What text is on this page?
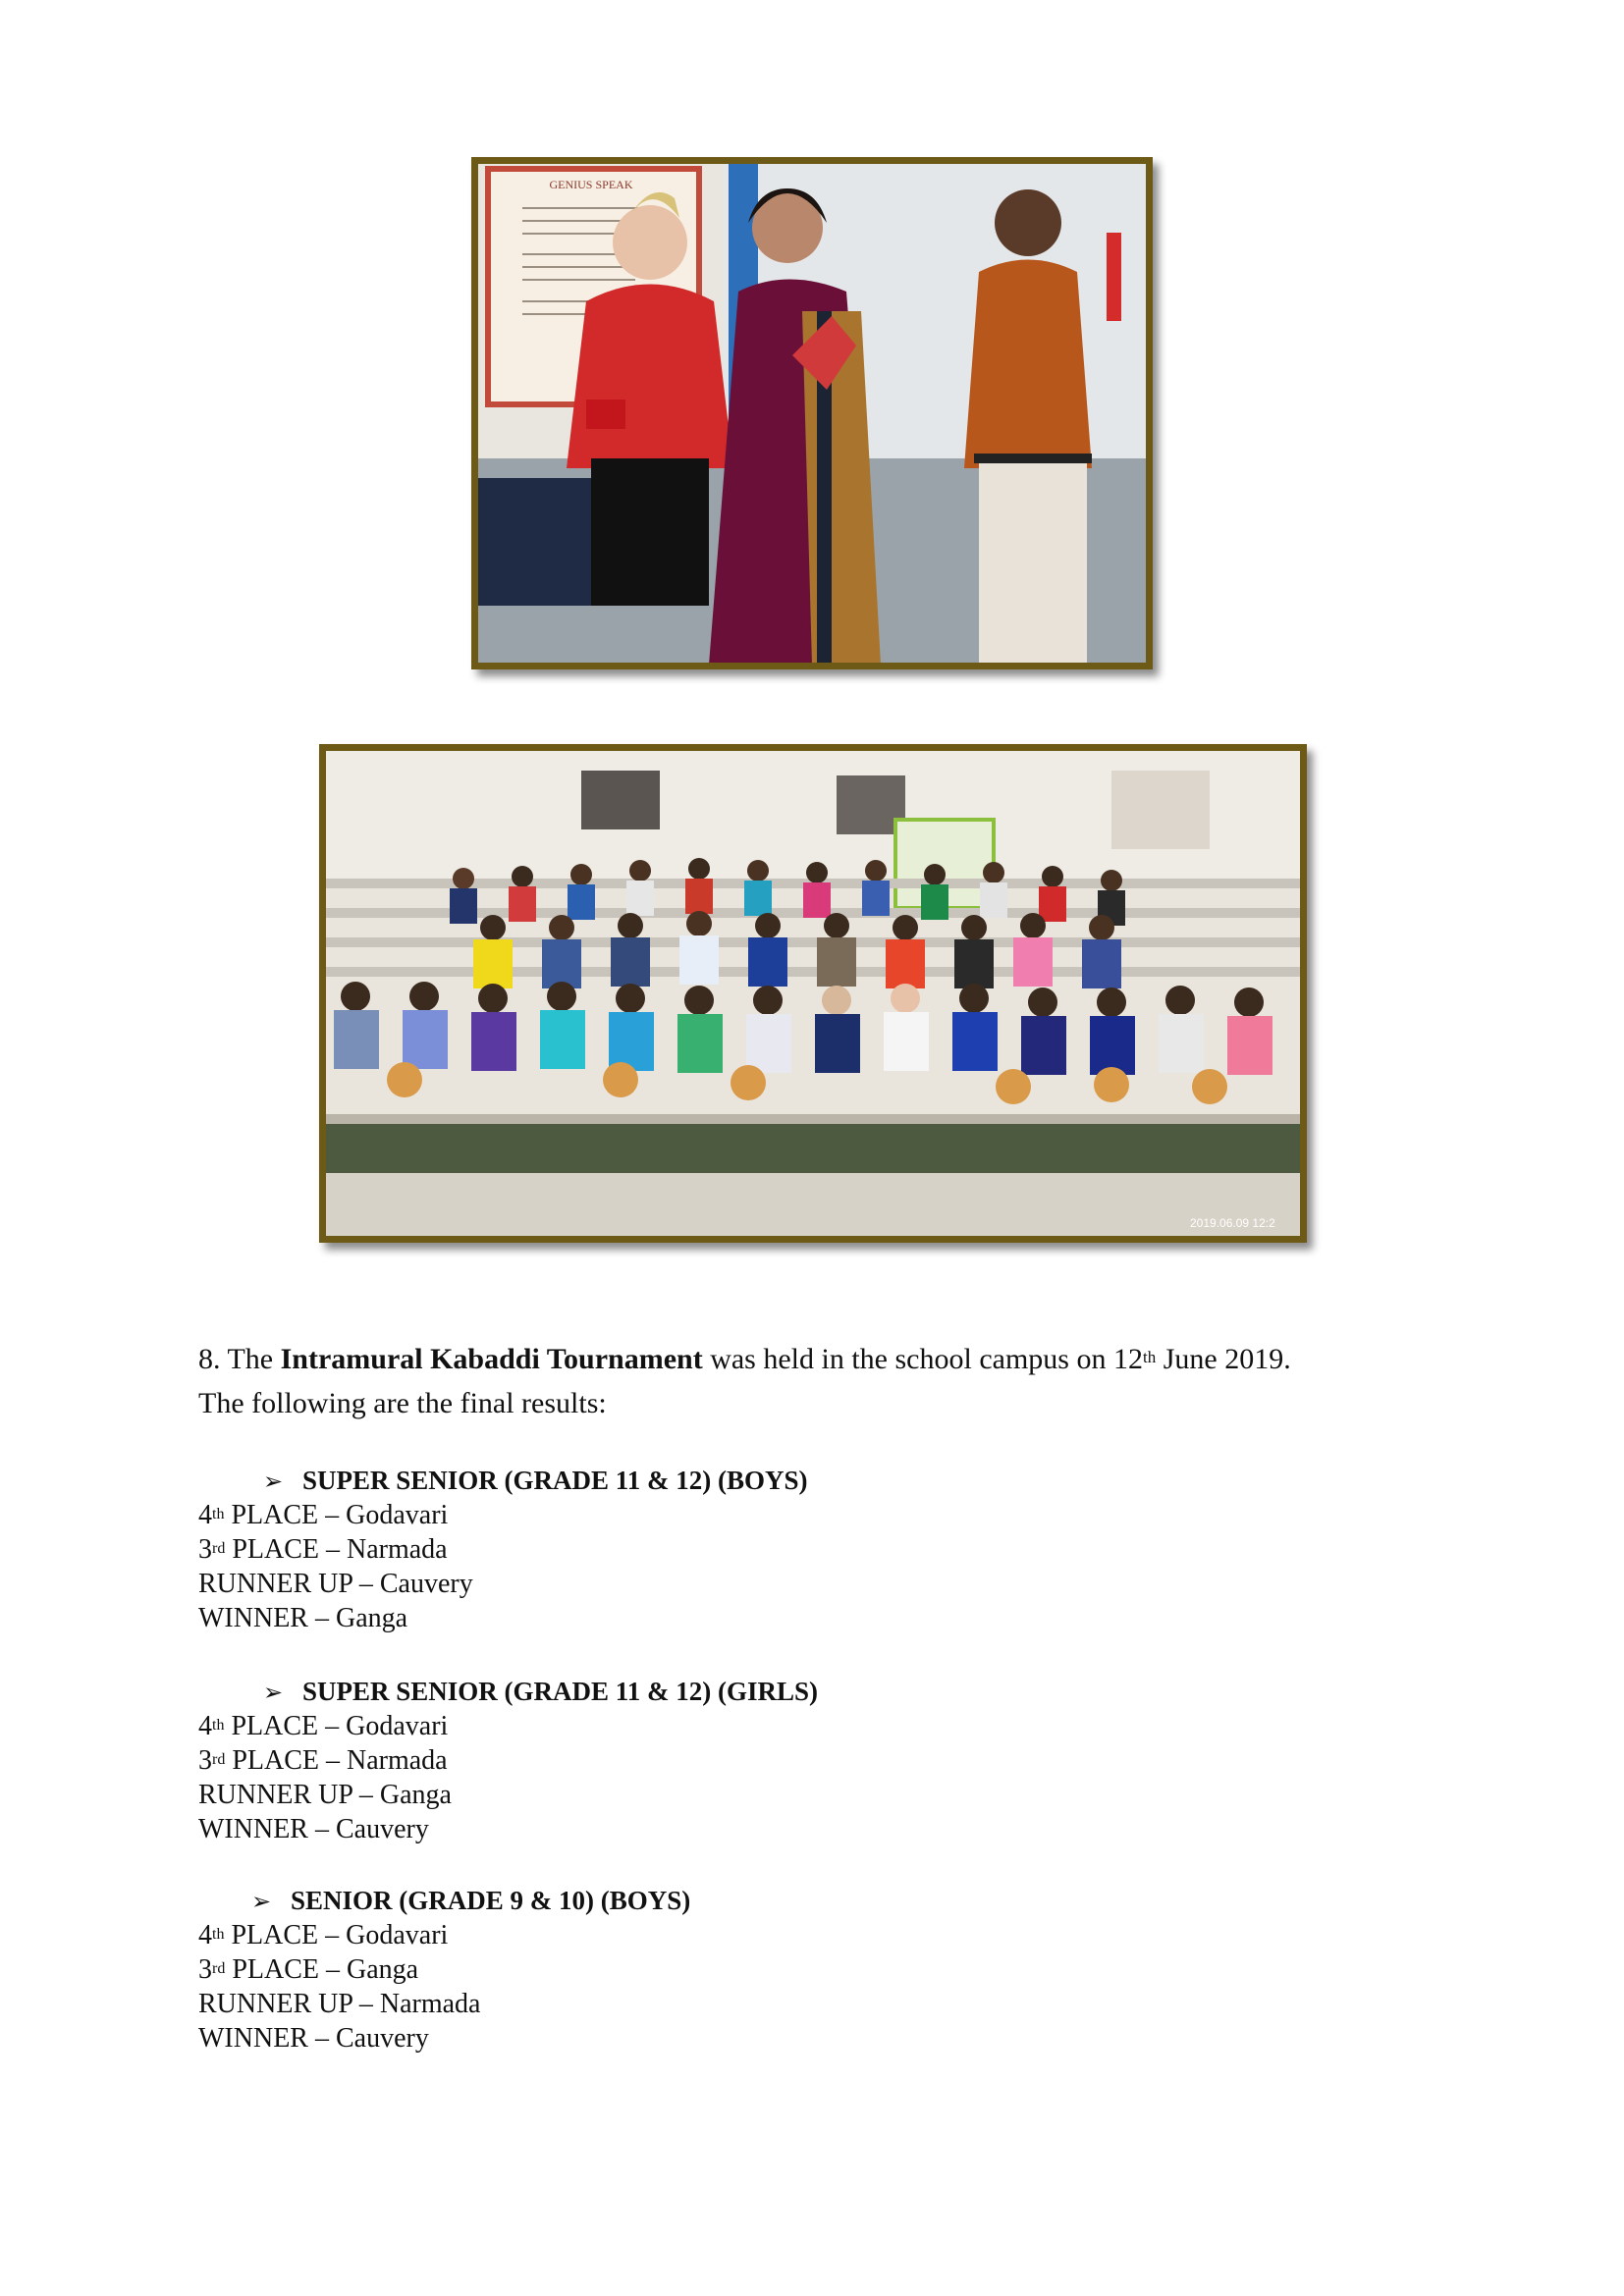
GENIUS SPEAK
2019.06.09 12:2
8. The Intramural Kabaddi Tournament was held in the school campus on 12th June 2019.
The following are the final results:
➢ SUPER SENIOR (GRADE 11 & 12) (BOYS)
4th PLACE – Godavari
3rd PLACE – Narmada
RUNNER UP – Cauvery
WINNER – Ganga
➢ SUPER SENIOR (GRADE 11 & 12) (GIRLS)
4th PLACE – Godavari
3rd PLACE – Narmada
RUNNER UP – Ganga
WINNER – Cauvery
➢ SENIOR (GRADE 9 & 10) (BOYS)
4th PLACE – Godavari
3rd PLACE – Ganga
RUNNER UP – Narmada
WINNER – Cauvery
